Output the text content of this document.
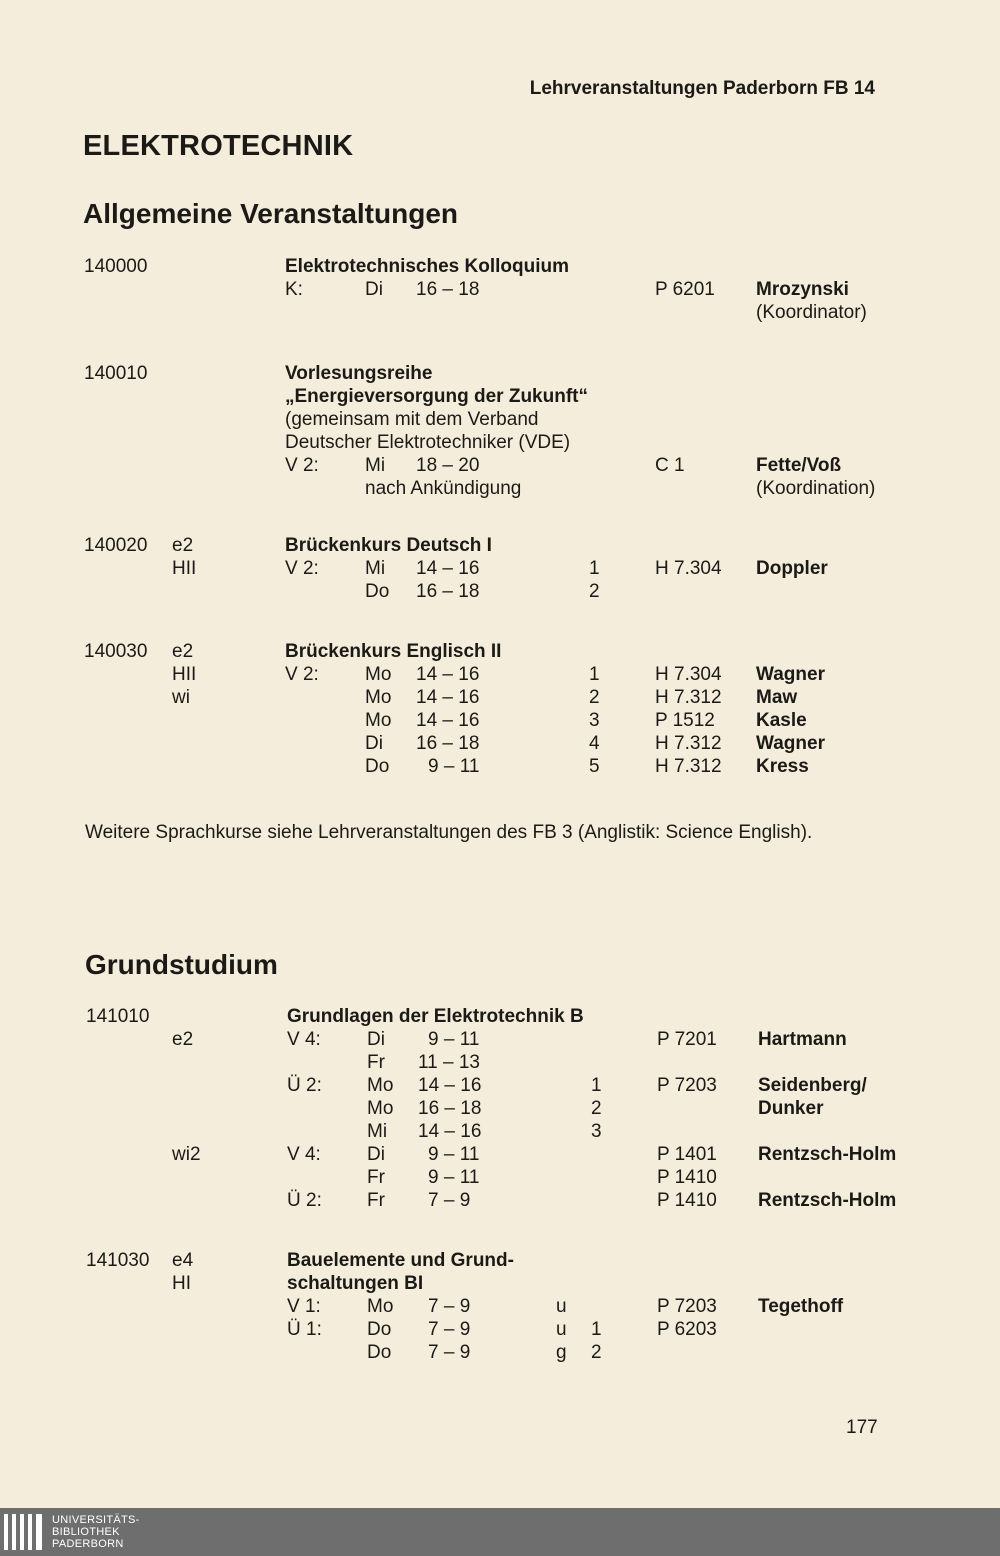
Lehrveranstaltungen Paderborn FB 14
ELEKTROTECHNIK
Allgemeine Veranstaltungen
140000	Elektrotechnisches Kolloquium
K:	Di 16 – 18	P 6201 Mrozynski
(Koordinator)
140010	Vorlesungsreihe
„Energieversorgung der Zukunft“
(gemeinsam mit dem Verband
Deutscher Elektrotechniker (VDE)
V 2: Mi 18 – 20	C 1	Fette/Voß
nach Ankündigung	(Koordination)
140020 e2	Brückenkurs Deutsch I
HII	V 2: Mi 14 – 16	1	H 7.304 Doppler
Do 16 – 18	2
140030 e2	Brückenkurs Englisch II
HII	V 2: Mo 14 – 16	1	H 7.304 Wagner
wi	Mo 14 – 16	2	H 7.312 Maw
Mo 14 – 16	3	P 1512 Kasle
Di 16 – 18	4	H 7.312 Wagner
Do 9 – 11	5	H 7.312 Kress
Weitere Sprachkurse siehe Lehrveranstaltungen des FB 3 (Anglistik: Science English).
Grundstudium
141010	Grundlagen der Elektrotechnik B
e2	V 4: Di 9 – 11	P 7201 Hartmann
Fr 11 – 13
Ü 2: Mo 14 – 16	1	P 7203 Seidenberg/
Mo 16 – 18	2	Dunker
Mi 14 – 16	3
wi2	V 4: Di 9 – 11	P 1401 Rentzsch-Holm
Fr 9 – 11	P 1410
Ü 2: Fr 7 – 9	P 1410 Rentzsch-Holm
141030 e4	Bauelemente und Grund-
HI	schaltungen BI
V 1: Mo 7 – 9	u	P 7203 Tegethoff
Ü 1: Do 7 – 9	u 1	P 6203
Do 7 – 9	g 2
177
UNIVERSITÄTS-
BIBLIOTHEK
PADERBORN
